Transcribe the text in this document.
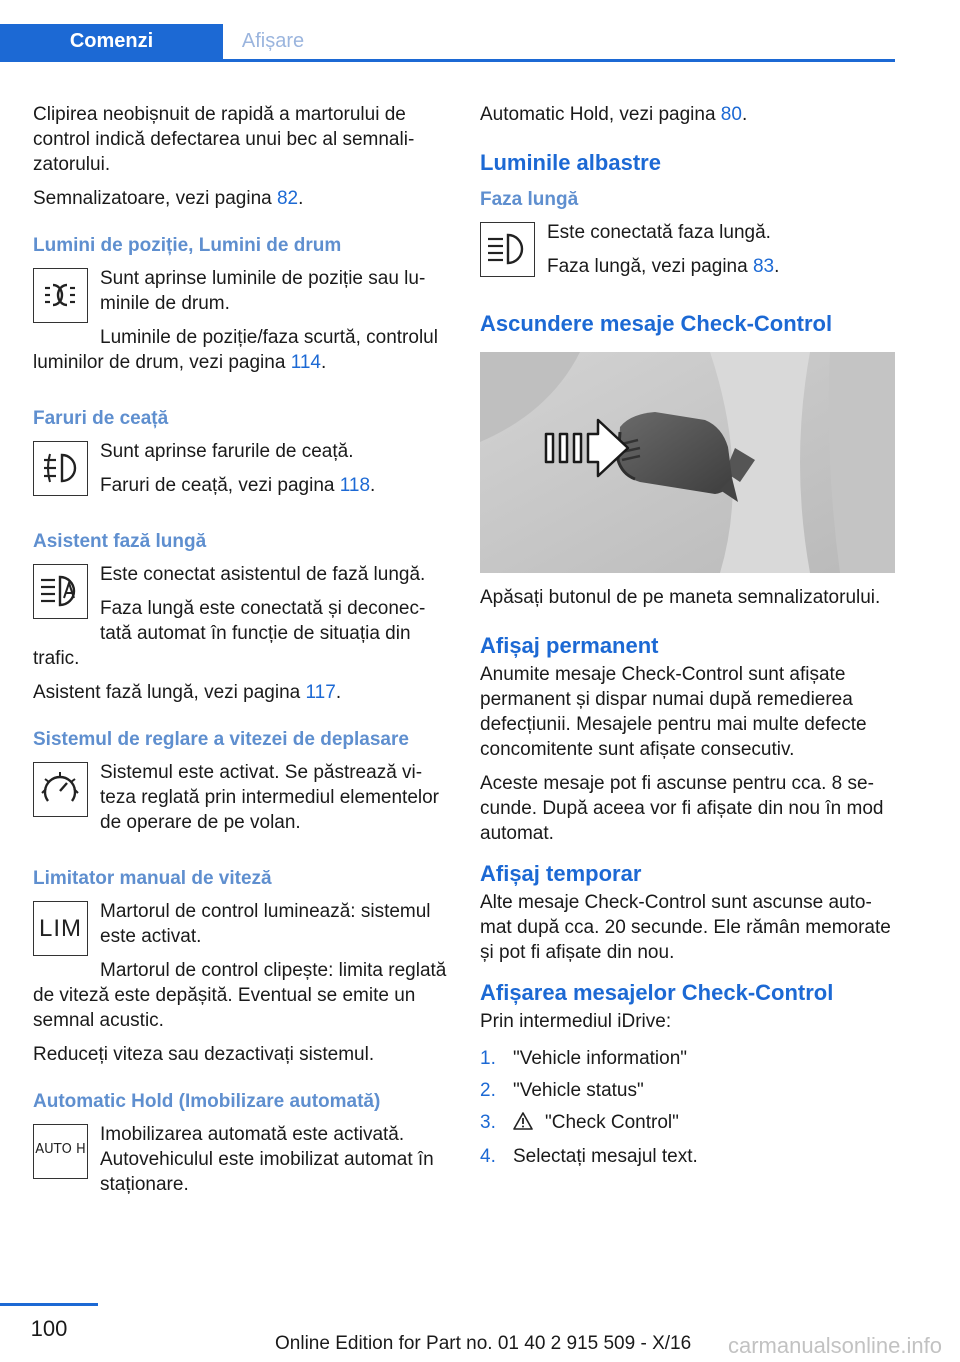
Comenzi	Afișare

Clipirea neobișnuit de rapidă a martorului de control indică defectarea unui bec al semnalizatorului.

Semnalizatoare, vezi pagina 82.

Lumini de poziție, Lumini de drum

Sunt aprinse luminile de poziție sau luminile de drum.

Luminile de poziție/faza scurtă, controlul luminilor de drum, vezi pagina 114.

Faruri de ceață

Sunt aprinse farurile de ceață.

Faruri de ceață, vezi pagina 118.

Asistent fază lungă

Este conectat asistentul de fază lungă.

Faza lungă este conectată și deconectată automat în funcție de situația din trafic.

Asistent fază lungă, vezi pagina 117.

Sistemul de reglare a vitezei de deplasare

Sistemul este activat. Se păstrează viteza reglată prin intermediul elementelor de operare de pe volan.

Limitator manual de viteză
LIM

Martorul de control luminează: sistemul este activat.

Martorul de control clipește: limita reglată de viteză este depășită. Eventual se emite un semnal acustic.

Reduceți viteza sau dezactivați sistemul.

Automatic Hold (Imobilizare automată)
AUTO H

Imobilizarea automată este activată. Autovehiculul este imobilizat automat în staționare.

Automatic Hold, vezi pagina 80.

Luminile albastre
Faza lungă

Este conectată faza lungă.

Faza lungă, vezi pagina 83.

Ascundere mesaje Check-Control

Apăsați butonul de pe maneta semnalizatorului.

Afișaj permanent

Anumite mesaje Check-Control sunt afișate permanent și dispar numai după remedierea defecțiunii. Mesajele pentru mai multe defecte concomitente sunt afișate consecutiv.

Aceste mesaje pot fi ascunse pentru cca. 8 secunde. După aceea vor fi afișate din nou în mod automat.

Afișaj temporar

Alte mesaje Check-Control sunt ascunse automat după cca. 20 secunde. Ele rămân memorate și pot fi afișate din nou.

Afișarea mesajelor Check-Control

Prin intermediul iDrive:

1. "Vehicle information"
2. "Vehicle status"
3.	"Check Control"
4. Selectați mesajul text.
100
Online Edition for Part no. 01 40 2 915 509 - X/16 carmanualsonline.info
